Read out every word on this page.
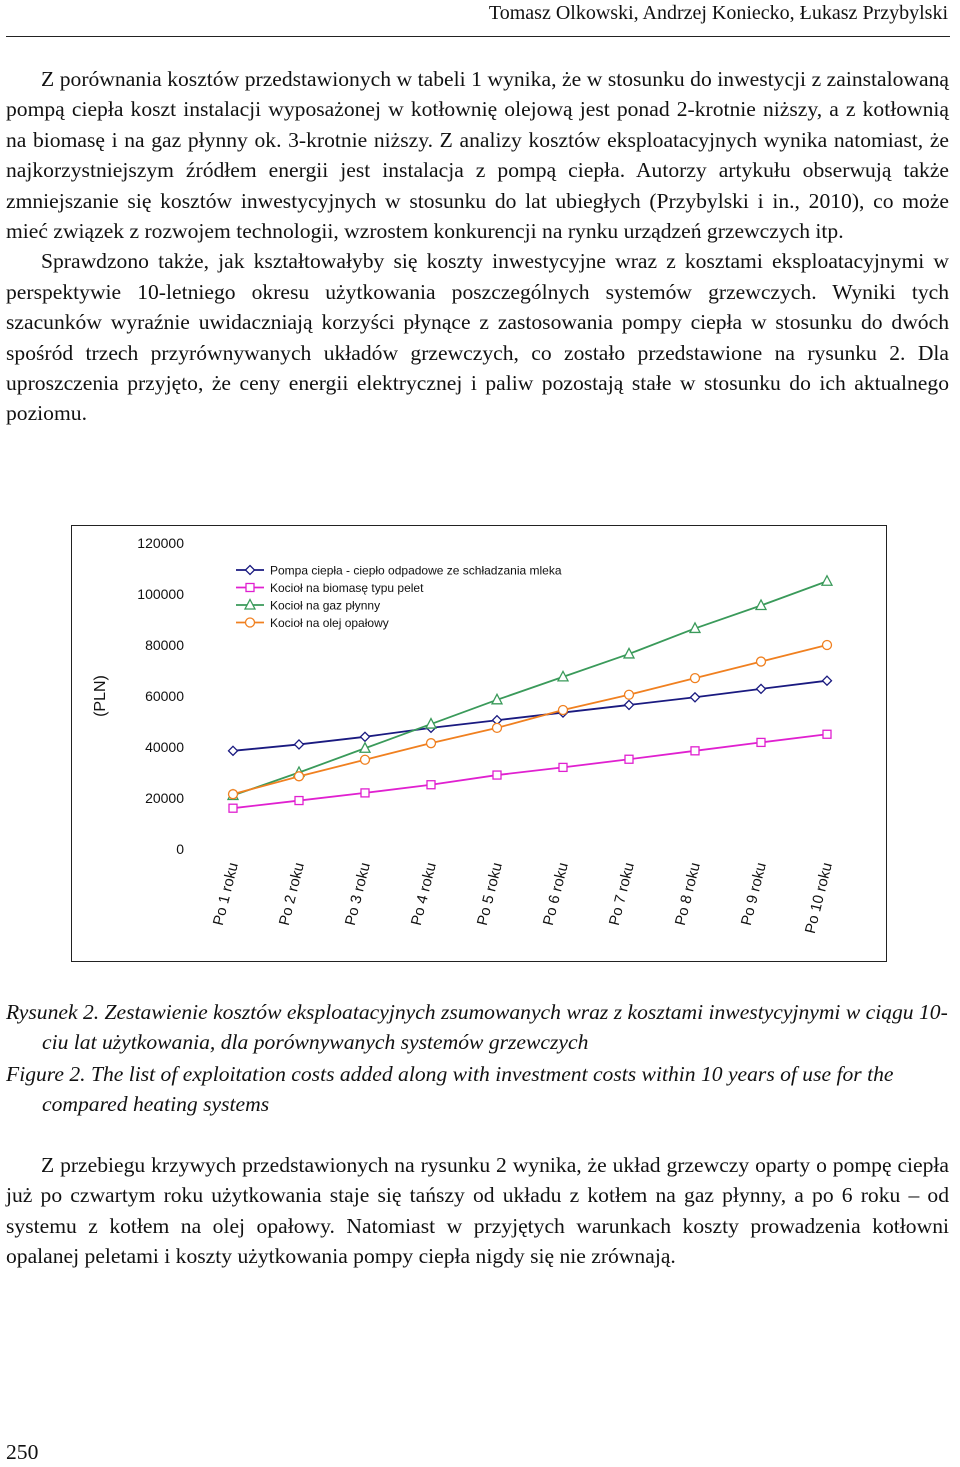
Tomasz Olkowski, Andrzej Koniecko, Łukasz Przybylski

Z porównania kosztów przedstawionych w tabeli 1 wynika, że w stosunku do inwestycji z zainstalowaną pompą ciepła koszt instalacji wyposażonej w kotłownię olejową jest ponad 2-krotnie niższy, a z kotłownią na biomasę i na gaz płynny ok. 3-krotnie niższy. Z analizy kosztów eksploatacyjnych wynika natomiast, że najkorzystniejszym źródłem energii jest instalacja z pompą ciepła. Autorzy artykułu obserwują także zmniejszanie się kosztów inwestycyjnych w stosunku do lat ubiegłych (Przybylski i in., 2010), co może mieć związek z rozwojem technologii, wzrostem konkurencji na rynku urządzeń grzewczych itp.
Sprawdzono także, jak kształtowałyby się koszty inwestycyjne wraz z kosztami eksploatacyjnymi w perspektywie 10-letniego okresu użytkowania poszczególnych systemów grzewczych. Wyniki tych szacunków wyraźnie uwidaczniają korzyści płynące z zastosowania pompy ciepła w stosunku do dwóch spośród trzech przyrównywanych układów grzewczych, co zostało przedstawione na rysunku 2. Dla uproszczenia przyjęto, że ceny energii elektrycznej i paliw pozostają stałe w stosunku do ich aktualnego poziomu.

0
20000
40000
60000
80000
100000
120000
(PLN)
Po 1 roku Po 2 roku Po 3 roku Po 4 roku Po 5 roku Po 6 roku Po 7 roku Po 8 roku Po 9 roku Po 10 roku
Pompa ciepła - ciepło odpadowe ze schładzania mleka
Kocioł na biomasę typu pelet
Kocioł na gaz płynny
Kocioł na olej opałowy

Rysunek 2. Zestawienie kosztów eksploatacyjnych zsumowanych wraz z kosztami inwestycyjnymi w ciągu 10-ciu lat użytkowania, dla porównywanych systemów grzewczych

Figure 2. The list of exploitation costs added along with investment costs within 10 years of use for the compared heating systems

Z przebiegu krzywych przedstawionych na rysunku 2 wynika, że układ grzewczy oparty o pompę ciepła już po czwartym roku użytkowania staje się tańszy od układu z kotłem na gaz płynny, a po 6 roku – od systemu z kotłem na olej opałowy. Natomiast w przyjętych warunkach koszty prowadzenia kotłowni opalanej peletami i koszty użytkowania pompy ciepła nigdy się nie zrównają.

250
